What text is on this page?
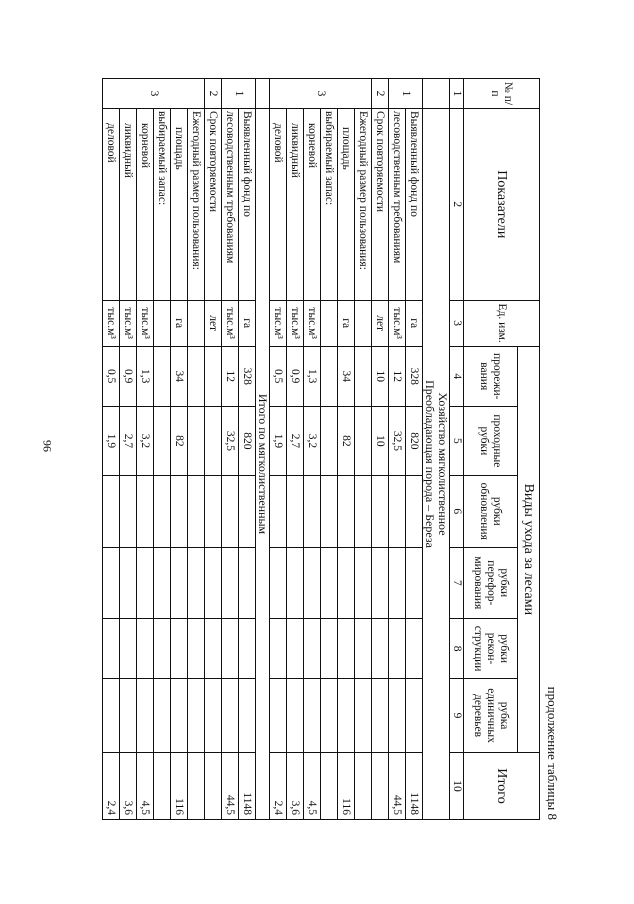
96
продолжение таблицы 8
№ п/п	Показатели	Ед. изм.	Виды ухода за лесами						Итого
			прорежи-вания	проходные рубки	рубки обновления	рубки перефор-мирования	рубки рекон-струкции	рубка единичных деревьев	
1	2	3	4	5	6	7	8	9	10

	Хозяйство мягколиственное
Преобладающая порода – Береза								

1	Выявленный фонд по	га	328	820					1148
	лесоводственным требованиям	тыс.м³	12	32,5					44,5
2	Срок повторяемости	лет	10	10					
3	Ежегодный размер пользования:								
	площадь	га	34	82					116
	выбираемый запас:								
	корневой	тыс.м³	1,3	3,2					4,5
	ликвидный	тыс.м³	0,9	2,7					3,6
	деловой	тыс.м³	0,5	1,9					2,4

	Итого по мягколиственным								

1	Выявленный фонд по	га	328	820					1148
	лесоводственным требованиям	тыс.м³	12	32,5					44,5
2	Срок повторяемости	лет							
3	Ежегодный размер пользования:								
	площадь	га	34	82					116
	выбираемый запас:								
	корневой	тыс.м³	1,3	3,2					4,5
	ликвидный	тыс.м³	0,9	2,7					3,6
	деловой	тыс.м³	0,5	1,9					2,4
